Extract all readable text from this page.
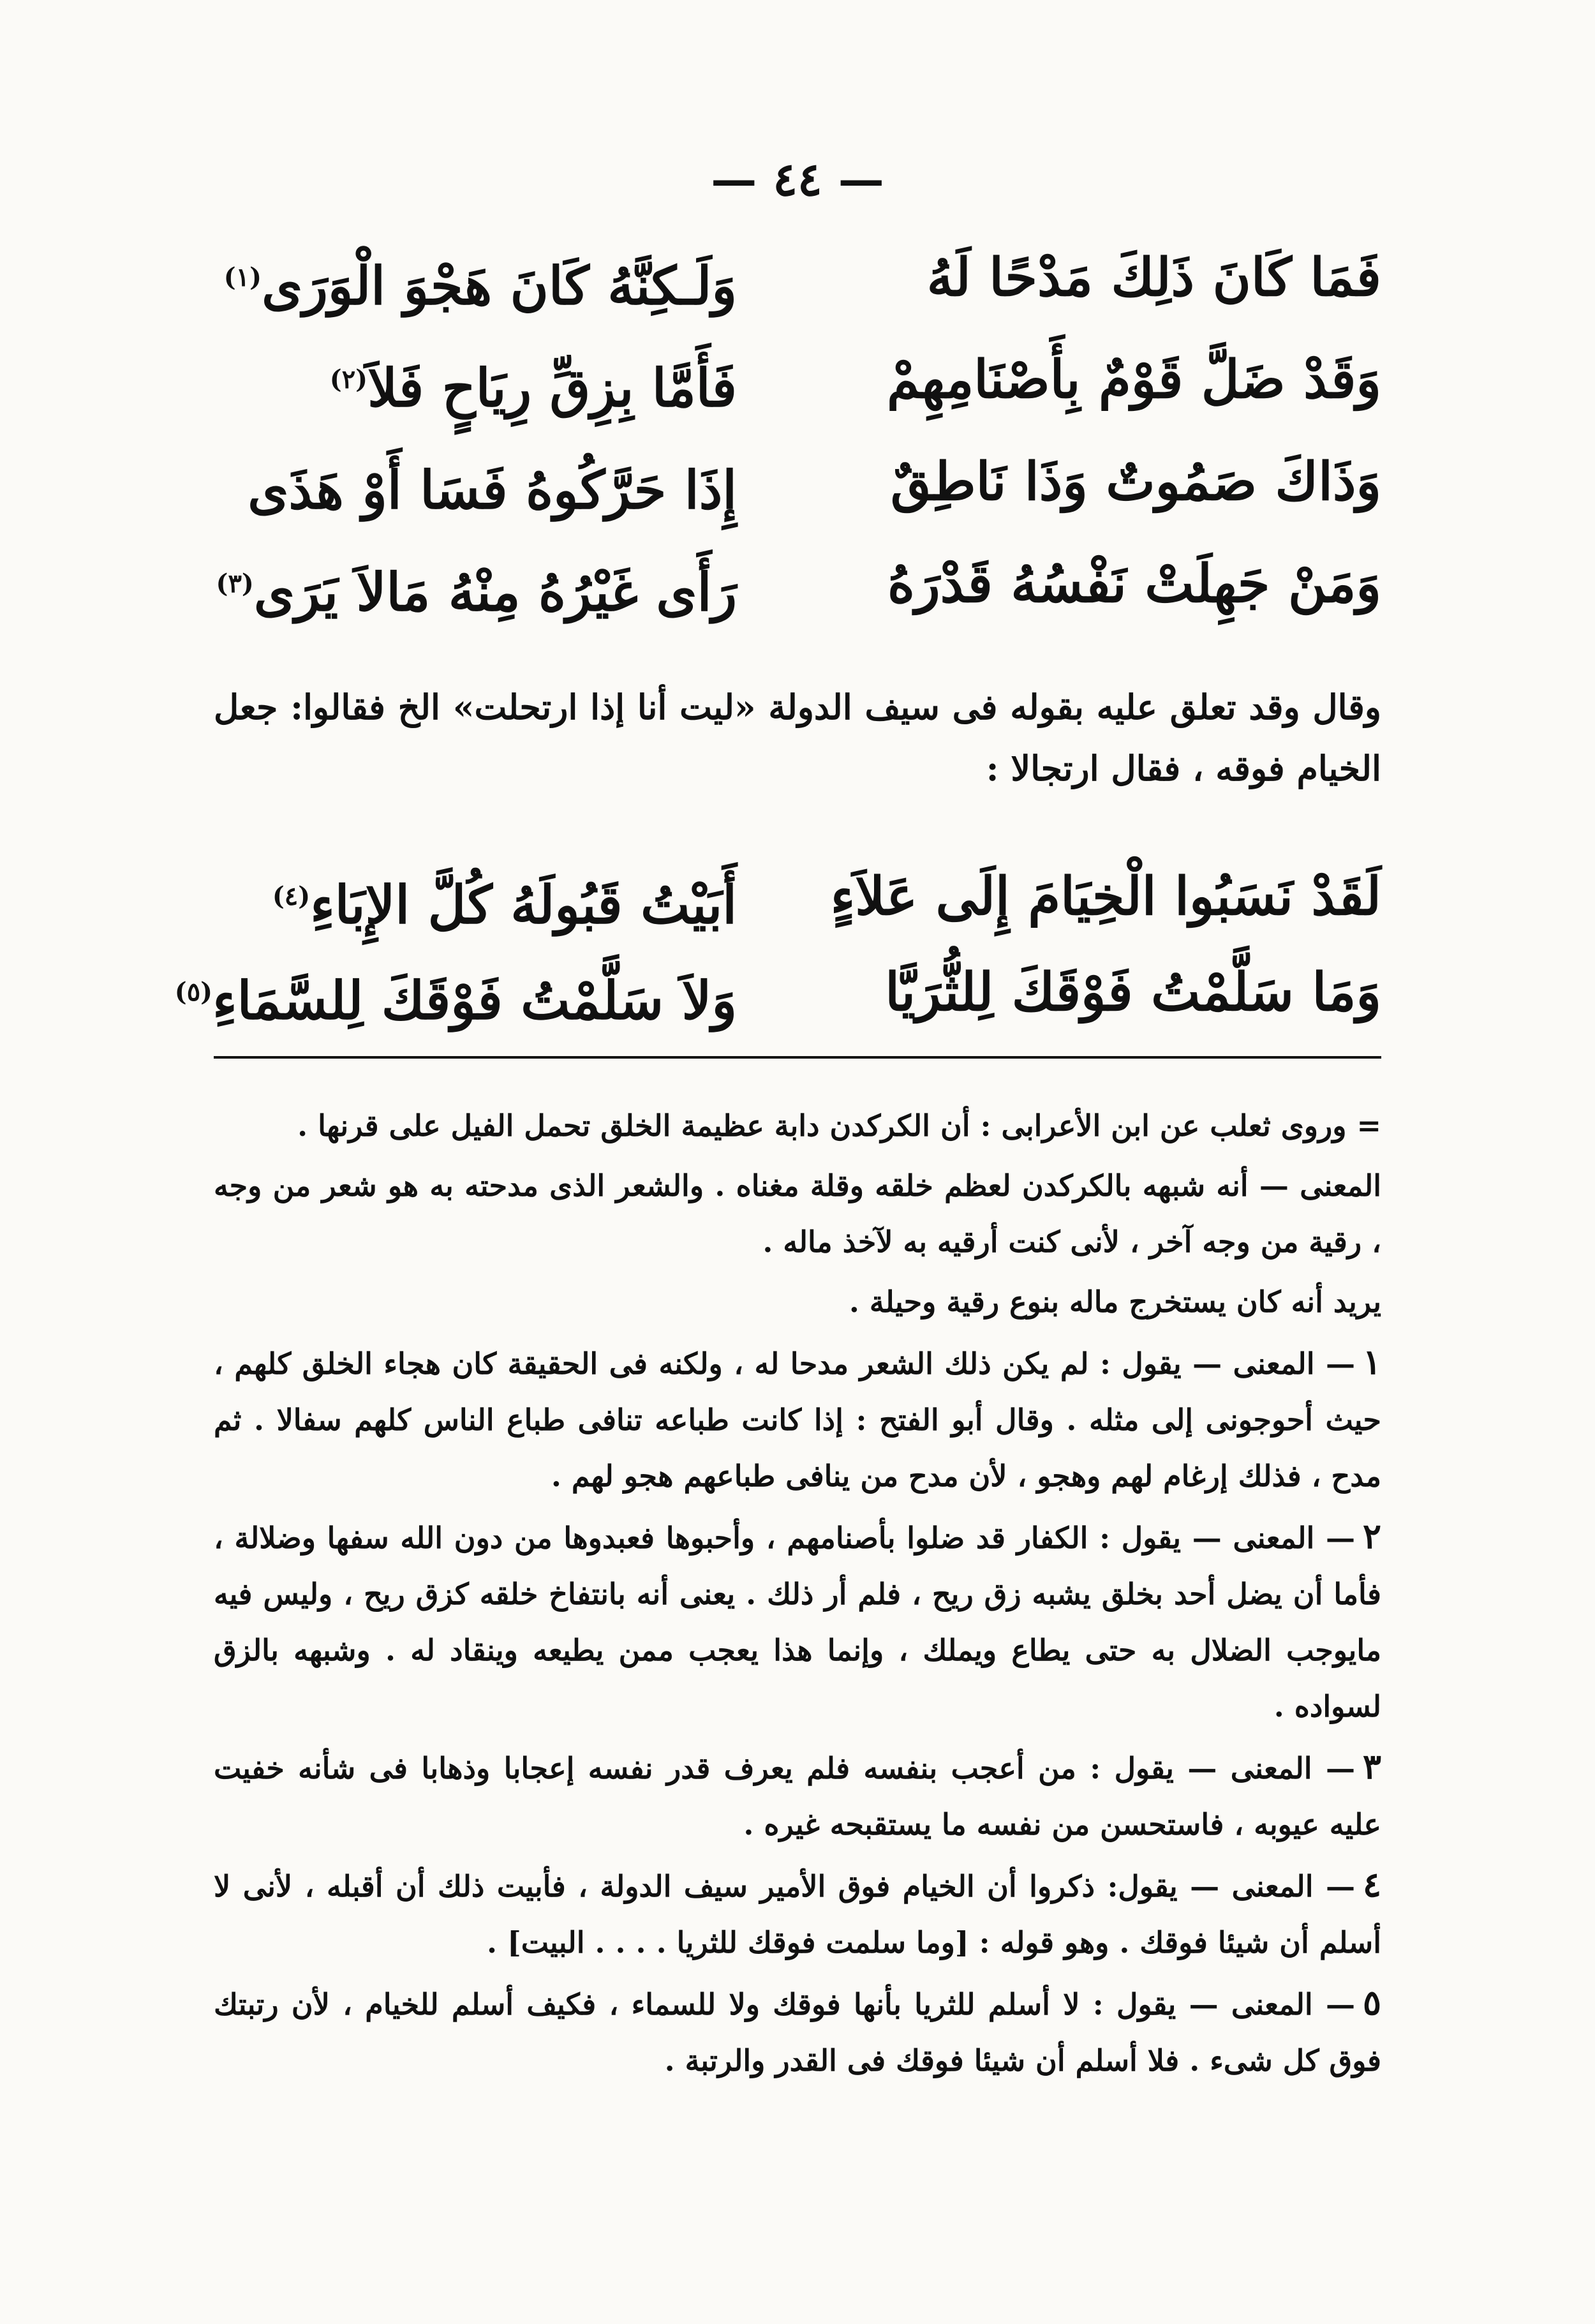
— ٤٤ —
فَمَا كَانَ ذَلِكَ مَدْحًا لَهُ
وَلَـكِنَّهُ كَانَ هَجْوَ الْوَرَى$^{(١)}$
وَقَدْ ضَلَّ قَوْمٌ بِأَصْنَامِهِمْ
فَأَمَّا بِزِقِّ رِيَاحٍ فَلاَ$^{(٢)}$
وَذَاكَ صَمُوتٌ وَذَا نَاطِقٌ
إِذَا حَرَّكُوهُ فَسَا أَوْ هَذَى
وَمَنْ جَهِلَتْ نَفْسُهُ قَدْرَهُ
رَأَى غَيْرُهُ مِنْهُ مَالاَ يَرَى$^{(٣)}$
وقال وقد تعلق عليه بقوله فى سيف الدولة «ليت أنا إذا ارتحلت» الخ فقالوا: جعل الخيام فوقه ، فقال ارتجالا :
لَقَدْ نَسَبُوا الْخِيَامَ إِلَى عَلاَءٍ
أَبَيْتُ قَبُولَهُ كُلَّ الإِبَاءِ$^{(٤)}$
وَمَا سَلَّمْتُ فَوْقَكَ لِلثُّرَيَّا
وَلاَ سَلَّمْتُ فَوْقَكَ لِلسَّمَاءِ$^{(٥)}$

= وروى ثعلب عن ابن الأعرابى : أن الكركدن دابة عظيمة الخلق تحمل الفيل على قرنها .

المعنى — أنه شبهه بالكركدن لعظم خلقه وقلة مغناه . والشعر الذى مدحته به هو شعر من وجه ، رقية من وجه آخر ، لأنى كنت أرقيه به لآخذ ماله .

يريد أنه كان يستخرج ماله بنوع رقية وحيلة .

١— المعنى — يقول : لم يكن ذلك الشعر مدحا له ، ولكنه فى الحقيقة كان هجاء الخلق كلهم ، حيث أحوجونى إلى مثله . وقال أبو الفتح : إذا كانت طباعه تنافى طباع الناس كلهم سفالا . ثم مدح ، فذلك إرغام لهم وهجو ، لأن مدح من ينافى طباعهم هجو لهم .

٢— المعنى — يقول : الكفار قد ضلوا بأصنامهم ، وأحبوها فعبدوها من دون الله سفها وضلالة ، فأما أن يضل أحد بخلق يشبه زق ريح ، فلم أر ذلك . يعنى أنه بانتفاخ خلقه كزق ريح ، وليس فيه مايوجب الضلال به حتى يطاع ويملك ، وإنما هذا يعجب ممن يطيعه وينقاد له . وشبهه بالزق لسواده .

٣— المعنى — يقول : من أعجب بنفسه فلم يعرف قدر نفسه إعجابا وذهابا فى شأنه خفيت عليه عيوبه ، فاستحسن من نفسه ما يستقبحه غيره .

٤— المعنى — يقول: ذكروا أن الخيام فوق الأمير سيف الدولة ، فأبيت ذلك أن أقبله ، لأنى لا أسلم أن شيئا فوقك . وهو قوله : [وما سلمت فوقك للثريا . . . . البيت] .

٥— المعنى — يقول : لا أسلم للثريا بأنها فوقك ولا للسماء ، فكيف أسلم للخيام ، لأن رتبتك فوق كل شىء . فلا أسلم أن شيئا فوقك فى القدر والرتبة .
